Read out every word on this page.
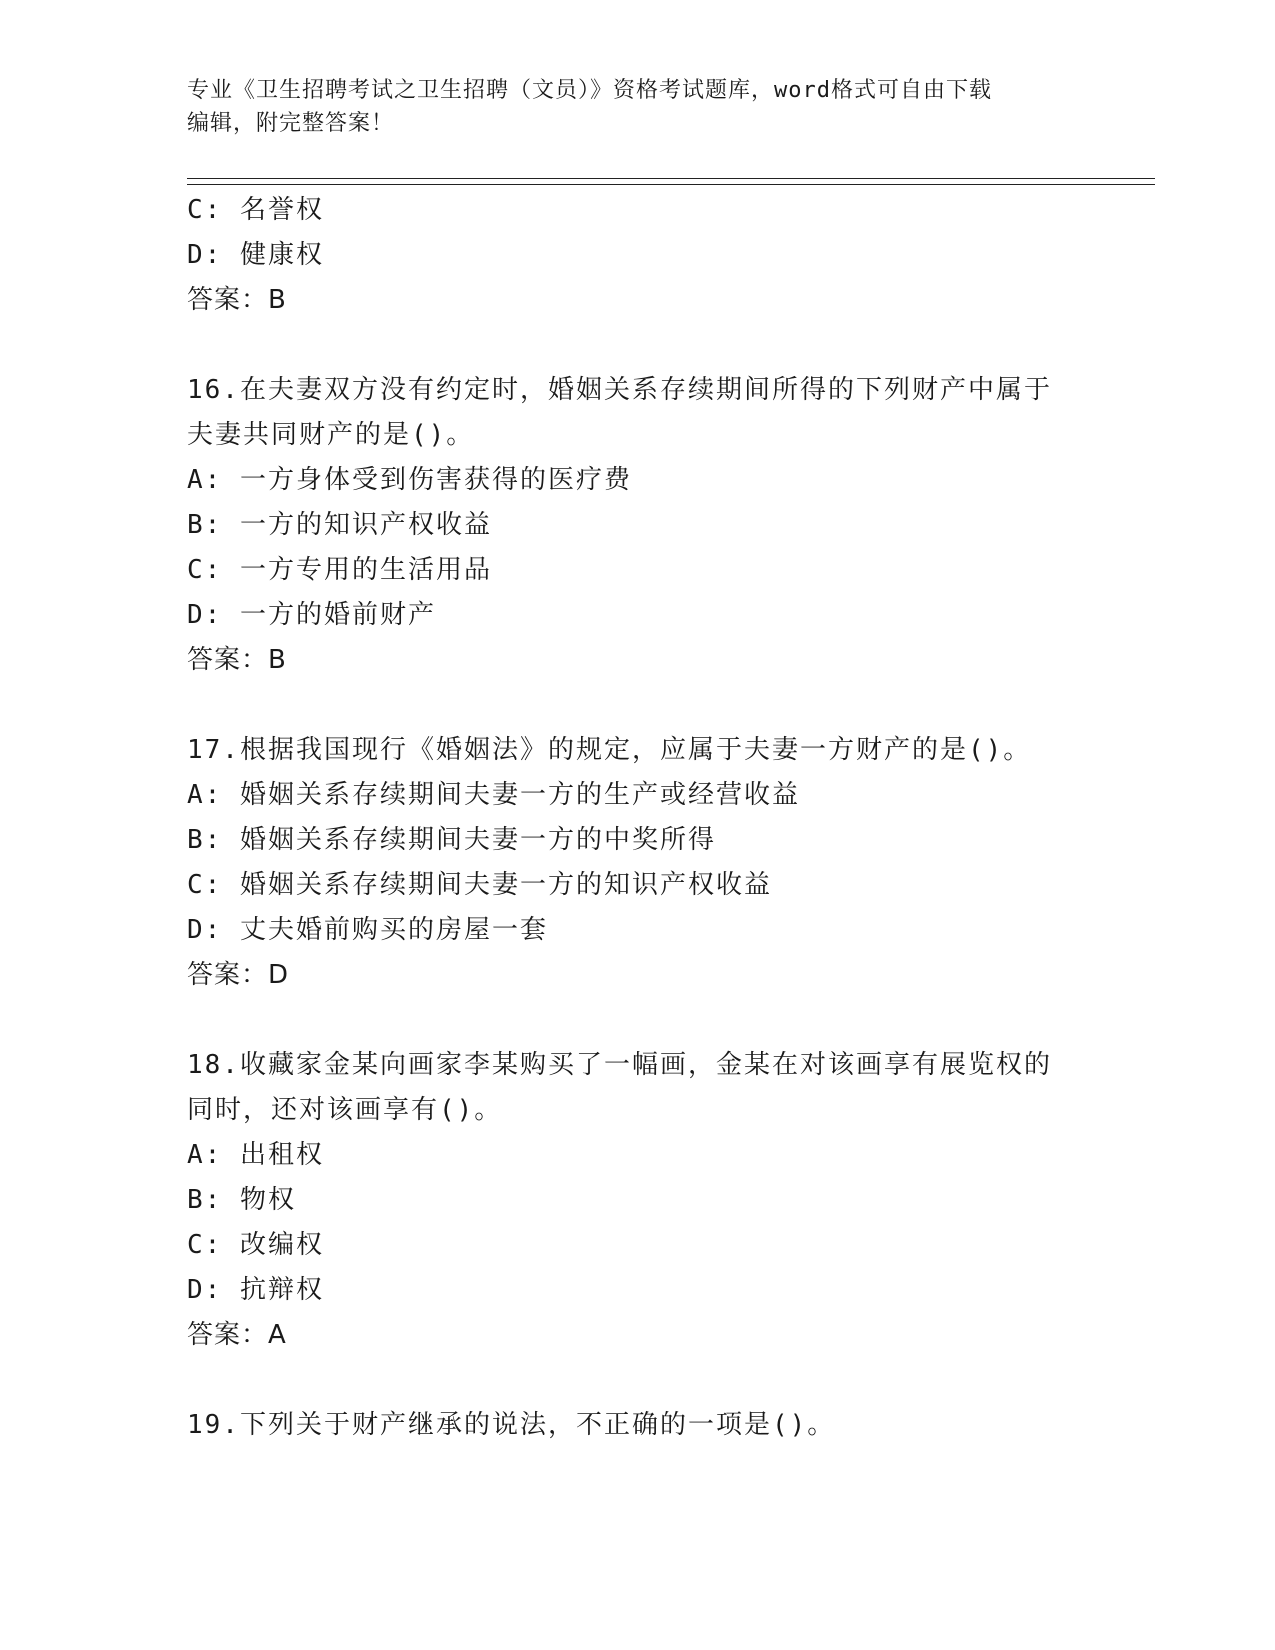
专业《卫生招聘考试之卫生招聘（文员）》资格考试题库，word格式可自由下载
编辑，附完整答案！
C: 名誉权
D: 健康权
答案：B
16.在夫妻双方没有约定时，婚姻关系存续期间所得的下列财产中属于
夫妻共同财产的是()。
A: 一方身体受到伤害获得的医疗费
B: 一方的知识产权收益
C: 一方专用的生活用品
D: 一方的婚前财产
答案：B
17.根据我国现行《婚姻法》的规定，应属于夫妻一方财产的是()。
A: 婚姻关系存续期间夫妻一方的生产或经营收益
B: 婚姻关系存续期间夫妻一方的中奖所得
C: 婚姻关系存续期间夫妻一方的知识产权收益
D: 丈夫婚前购买的房屋一套
答案：D
18.收藏家金某向画家李某购买了一幅画，金某在对该画享有展览权的
同时，还对该画享有()。
A: 出租权
B: 物权
C: 改编权
D: 抗辩权
答案：A
19.下列关于财产继承的说法，不正确的一项是()。
